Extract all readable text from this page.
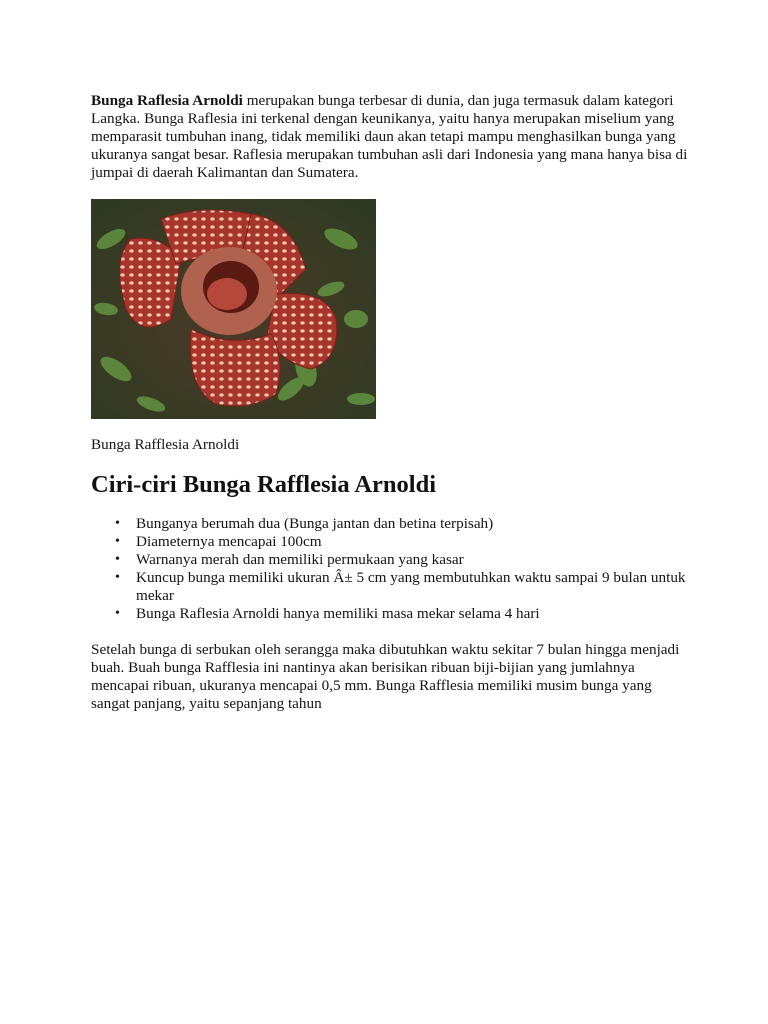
Bunga Raflesia Arnoldi merupakan bunga terbesar di dunia, dan juga termasuk dalam kategori Langka. Bunga Raflesia ini terkenal dengan keunikanya, yaitu hanya merupakan miselium yang memparasit tumbuhan inang, tidak memiliki daun akan tetapi mampu menghasilkan bunga yang ukuranya sangat besar. Raflesia merupakan tumbuhan asli dari Indonesia yang mana hanya bisa di jumpai di daerah Kalimantan dan Sumatera.

Bunga Rafflesia Arnoldi
Ciri-ciri Bunga Rafflesia Arnoldi
• Bunganya berumah dua (Bunga jantan dan betina terpisah)
• Diameternya mencapai 100cm
• Warnanya merah dan memiliki permukaan yang kasar
• Kuncup bunga memiliki ukuran Â± 5 cm yang membutuhkan waktu sampai 9 bulan untuk mekar
• Bunga Raflesia Arnoldi hanya memiliki masa mekar selama 4 hari

Setelah bunga di serbukan oleh serangga maka dibutuhkan waktu sekitar 7 bulan hingga menjadi buah. Buah bunga Rafflesia ini nantinya akan berisikan ribuan biji-bijian yang jumlahnya mencapai ribuan, ukuranya mencapai 0,5 mm. Bunga Rafflesia memiliki musim bunga yang sangat panjang, yaitu sepanjang tahun
